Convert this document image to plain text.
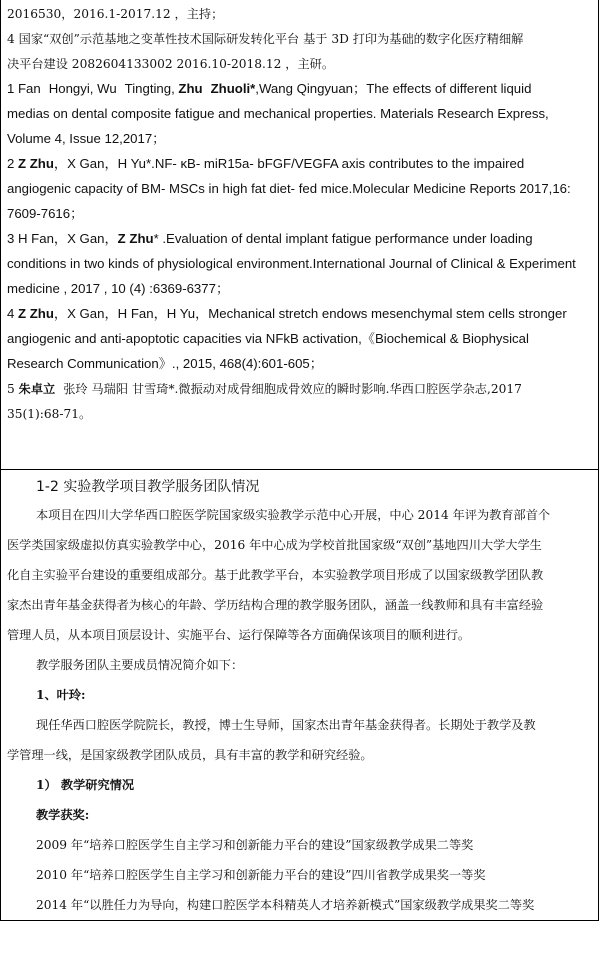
2016530，2016.1-2017.12 ，主持；
4 国家“双创”示范基地之变革性技术国际研发转化平台 基于 3D 打印为基础的数字化医疗精细解
决平台建设 2082604133002 2016.10-2018.12 ，主研。
1 Fan Hongyi, Wu Tingting, Zhu Zhuoli*,Wang Qingyuan；The effects of different liquid
medias on dental composite fatigue and mechanical properties. Materials Research Express,
Volume 4, Issue 12,2017；
2 Z Zhu，X Gan，H Yu*.NF- κB- miR15a- bFGF/VEGFA axis contributes to the impaired
angiogenic capacity of BM- MSCs in high fat diet- fed mice.Molecular Medicine Reports 2017,16:
7609-7616；
3 H Fan，X Gan，Z Zhu* .Evaluation of dental implant fatigue performance under loading
conditions in two kinds of physiological environment.International Journal of Clinical & Experiment
medicine , 2017 , 10 (4) :6369-6377；
4 Z Zhu，X Gan，H Fan，H Yu，Mechanical stretch endows mesenchymal stem cells stronger
angiogenic and anti-apoptotic capacities via NFkB activation,《Biochemical & Biophysical
Research Communication》., 2015, 468(4):601-605；
5 朱卓立 张玲 马瑞阳 甘雪琦*.微振动对成骨细胞成骨效应的瞬时影响.华西口腔医学杂志,2017
35(1):68-71。
1-2 实验教学项目教学服务团队情况
本项目在四川大学华西口腔医学院国家级实验教学示范中心开展，中心 2014 年评为教育部首个
医学类国家级虚拟仿真实验教学中心，2016 年中心成为学校首批国家级“双创”基地四川大学大学生
化自主实验平台建设的重要组成部分。基于此教学平台，本实验教学项目形成了以国家级教学团队教
家杰出青年基金获得者为核心的年龄、学历结构合理的教学服务团队，涵盖一线教师和具有丰富经验
管理人员，从本项目顶层设计、实施平台、运行保障等各方面确保该项目的顺利进行。
教学服务团队主要成员情况简介如下：
1、叶玲:
现任华西口腔医学院院长，教授，博士生导师，国家杰出青年基金获得者。长期处于教学及教
学管理一线，是国家级教学团队成员，具有丰富的教学和研究经验。
1） 教学研究情况
教学获奖:
2009 年“培养口腔医学生自主学习和创新能力平台的建设”国家级教学成果二等奖
2010 年“培养口腔医学生自主学习和创新能力平台的建设”四川省教学成果奖一等奖
2014 年“以胜任力为导向，构建口腔医学本科精英人才培养新模式”国家级教学成果奖二等奖
